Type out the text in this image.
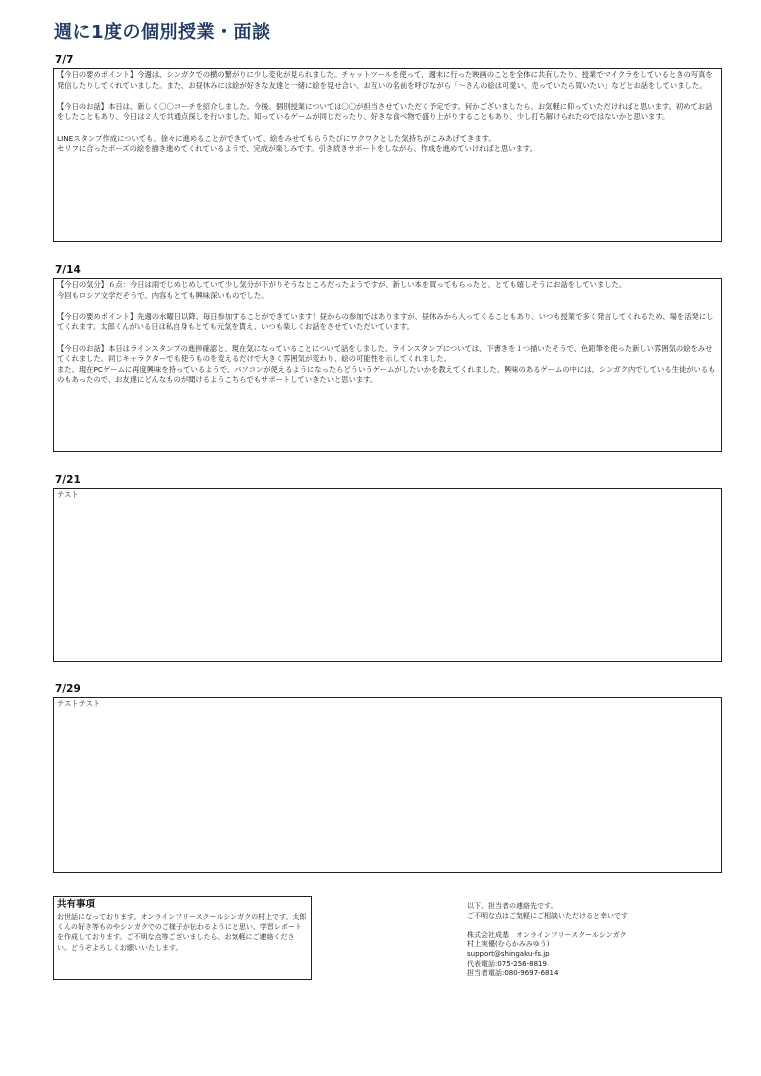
週に1度の個別授業・面談
7/7

【今日の要めポイント】今週は、シンガクでの横の繋がりに少し変化が見られました。チャットツールを使って、週末に行った映画のことを全体に共有したり、授業でマイクラをしているときの写真を発信したりしてくれていました。また、お昼休みには絵が好きな友達と一緒に絵を見せ合い、お互いの名前を呼びながら「〜さんの絵は可愛い、売っていたら買いたい」などとお話をしていました。

【今日のお話】本日は、新しく〇〇コーチを紹介しました。今後、個別授業については〇〇が担当させていただく予定です。何かございましたら、お気軽に仰っていただければと思います。初めてお話をしたこともあり、今日は２人で共通点探しを行いました。知っているゲームが同じだったり、好きな食べ物で盛り上がりすることもあり、少し打ち解けられたのではないかと思います。

LINEスタンプ作成についても、徐々に進めることができていて、絵をみせてもらうたびにワクワクとした気持ちがこみあげてきます。
セリフに合ったポーズの絵を描き進めてくれているようで、完成が楽しみです。引き続きサポートをしながら、作成を進めていければと思います。

7/14

【今日の気分】６点：今日は雨でじめじめしていて少し気分が下がりそうなところだったようですが、新しい本を買ってもらったと、とても嬉しそうにお話をしていました。
今回もロシア文学だそうで、内容もとても興味深いものでした。

【今日の要めポイント】先週の水曜日以降、毎日参加することができています！昼からの参加ではありますが、昼休みから入ってくることもあり、いつも授業で多く発言してくれるため、場を活発にしてくれます。太郎くんがいる日は私自身もとても元気を貰え、いつも楽しくお話をさせていただいています。

【今日のお話】本日はラインスタンプの進捗確認と、現在気になっていることについて話をしました。ラインスタンプについては、下書きを１つ描いたそうで、色鉛筆を使った新しい雰囲気の絵をみせてくれました。同じキャラクターでも使うものを変えるだけで大きく雰囲気が変わり、絵の可能性を示してくれました。
また、現在PCゲームに再度興味を持っているようで、パソコンが使えるようになったらどういうゲームがしたいかを教えてくれました。興味のあるゲームの中には、シンガク内でしている生徒がいるものもあったので、お友達にどんなものが聞けるようこちらでもサポートしていきたいと思います。

7/21

テスト

7/29

テストテスト

共有事項
お世話になっております。オンラインフリースクールシンガクの村上です。太郎くんの好き等ものやシンガクでのご様子が伝わるようにと思い、学習レポートを作成しております。ご不明な点等ございましたら、お気軽にご連絡ください。どうぞよろしくお願いいたします。
以下、担当者の連絡先です。
ご不明な点はご気軽にご相談いただけると幸いです
株式会社成基　オンラインフリースクールシンガク
村上実優(むらかみみゆう)
support@shingaku-fs.jp
代表電話:075-256-8819
担当者電話:080-9697-6814
